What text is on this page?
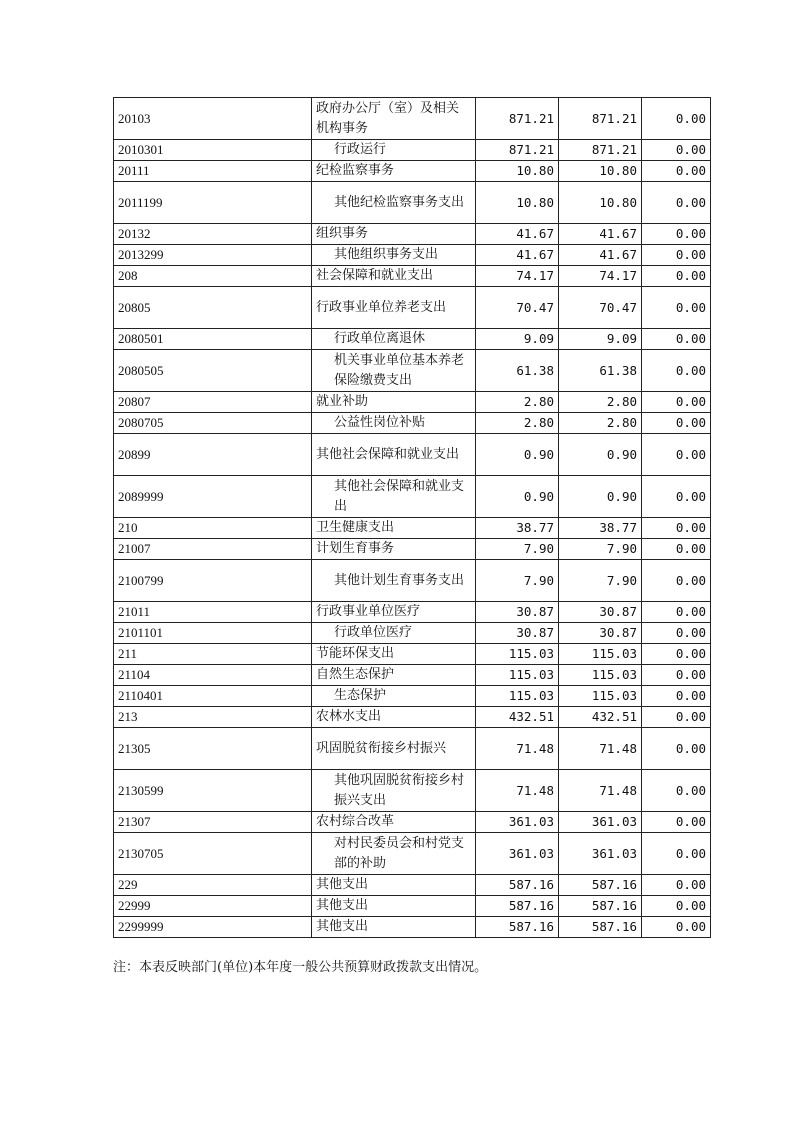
20103	政府办公厅（室）及相关机构事务	871.21	871.21	0.00
2010301	行政运行	871.21	871.21	0.00
20111	纪检监察事务	10.80	10.80	0.00
2011199	其他纪检监察事务支出	10.80	10.80	0.00
20132	组织事务	41.67	41.67	0.00
2013299	其他组织事务支出	41.67	41.67	0.00
208	社会保障和就业支出	74.17	74.17	0.00
20805	行政事业单位养老支出	70.47	70.47	0.00
2080501	行政单位离退休	9.09	9.09	0.00
2080505	机关事业单位基本养老保险缴费支出	61.38	61.38	0.00
20807	就业补助	2.80	2.80	0.00
2080705	公益性岗位补贴	2.80	2.80	0.00
20899	其他社会保障和就业支出	0.90	0.90	0.00
2089999	其他社会保障和就业支出	0.90	0.90	0.00
210	卫生健康支出	38.77	38.77	0.00
21007	计划生育事务	7.90	7.90	0.00
2100799	其他计划生育事务支出	7.90	7.90	0.00
21011	行政事业单位医疗	30.87	30.87	0.00
2101101	行政单位医疗	30.87	30.87	0.00
211	节能环保支出	115.03	115.03	0.00
21104	自然生态保护	115.03	115.03	0.00
2110401	生态保护	115.03	115.03	0.00
213	农林水支出	432.51	432.51	0.00
21305	巩固脱贫衔接乡村振兴	71.48	71.48	0.00
2130599	其他巩固脱贫衔接乡村振兴支出	71.48	71.48	0.00
21307	农村综合改革	361.03	361.03	0.00
2130705	对村民委员会和村党支部的补助	361.03	361.03	0.00
229	其他支出	587.16	587.16	0.00
22999	其他支出	587.16	587.16	0.00
2299999	其他支出	587.16	587.16	0.00
注：本表反映部门(单位)本年度一般公共预算财政拨款支出情况。
